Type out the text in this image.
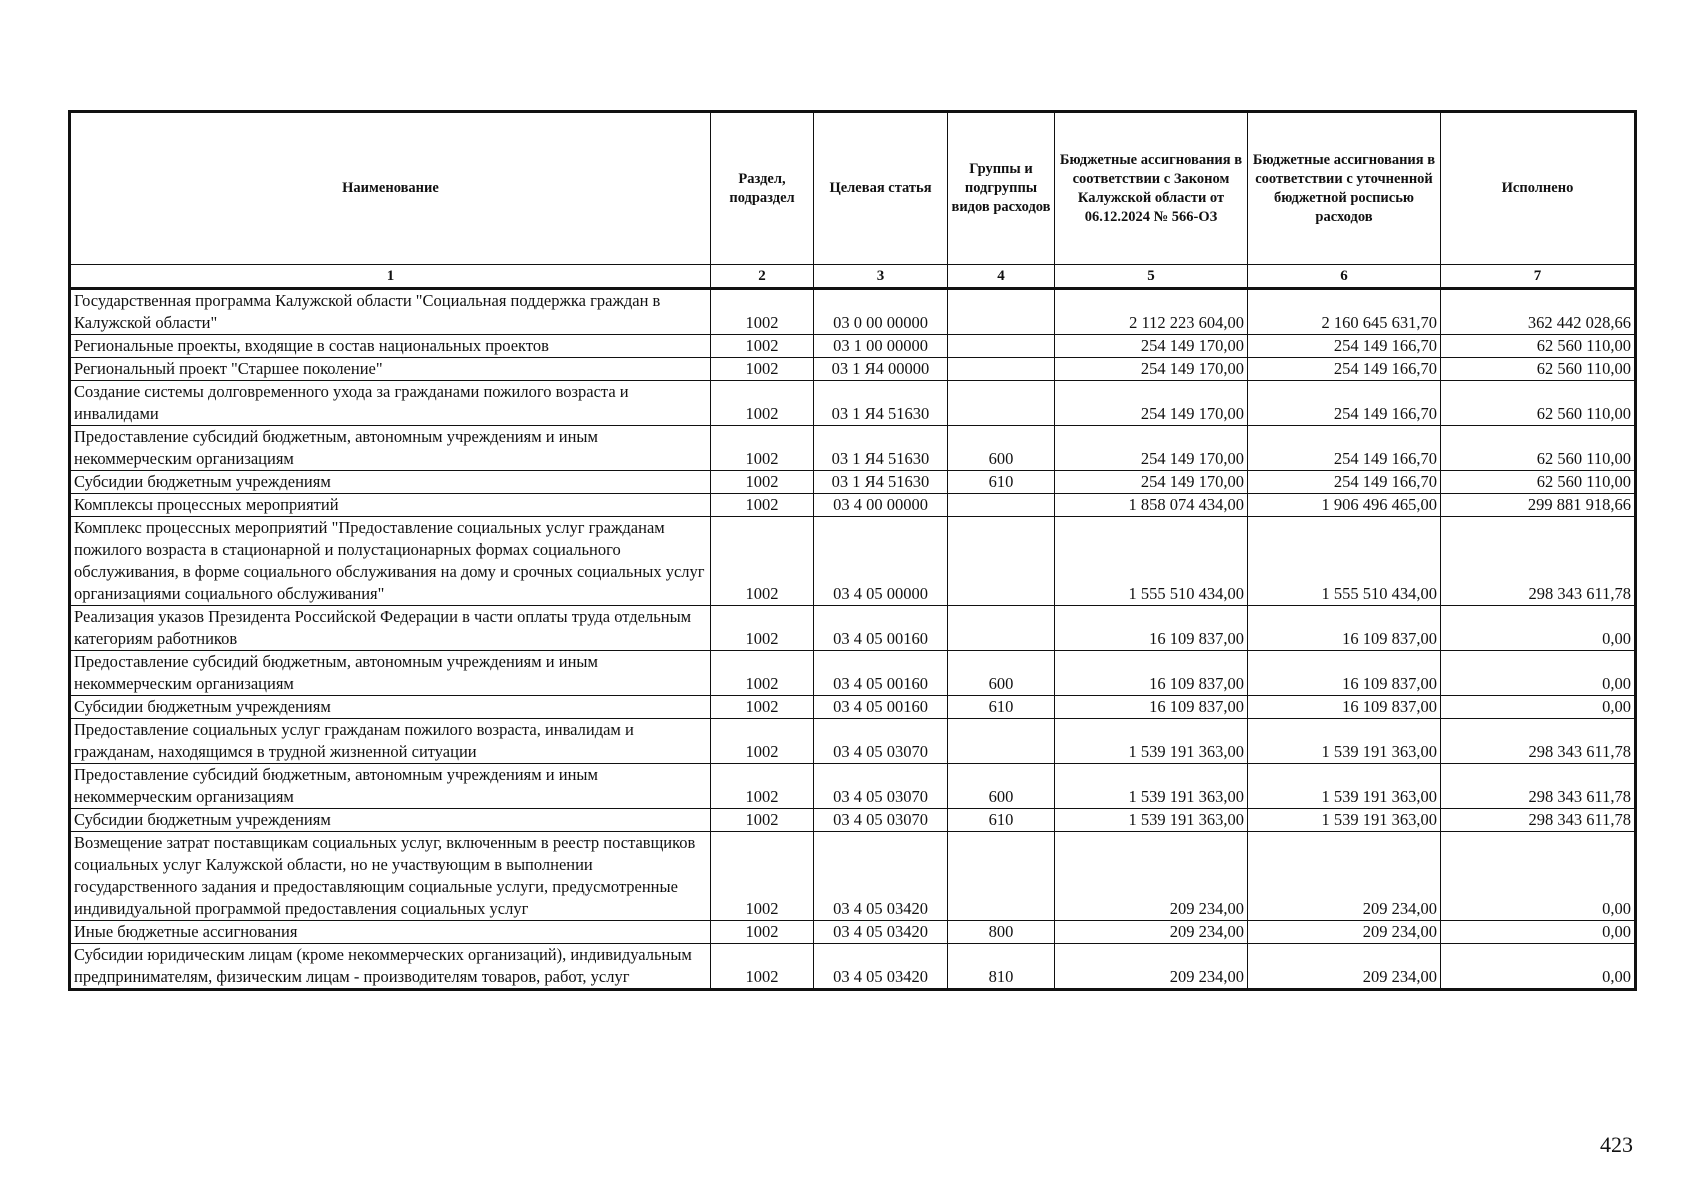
Наименование	Раздел, подраздел	Целевая статья	Группы и подгруппы видов расходов	Бюджетные ассигнования в соответствии с Законом Калужской области от 06.12.2024 № 566-ОЗ	Бюджетные ассигнования в соответствии с уточненной бюджетной росписью расходов	Исполнено
1	2	3	4	5	6	7
Государственная программа Калужской области "Социальная поддержка граждан в Калужской области"	1002	03 0 00 00000		2 112 223 604,00	2 160 645 631,70	362 442 028,66
Региональные проекты, входящие в состав национальных проектов	1002	03 1 00 00000		254 149 170,00	254 149 166,70	62 560 110,00
Региональный проект "Старшее поколение"	1002	03 1 Я4 00000		254 149 170,00	254 149 166,70	62 560 110,00
Создание системы долговременного ухода за гражданами пожилого возраста и инвалидами	1002	03 1 Я4 51630		254 149 170,00	254 149 166,70	62 560 110,00
Предоставление субсидий бюджетным, автономным учреждениям и иным некоммерческим организациям	1002	03 1 Я4 51630	600	254 149 170,00	254 149 166,70	62 560 110,00
Субсидии бюджетным учреждениям	1002	03 1 Я4 51630	610	254 149 170,00	254 149 166,70	62 560 110,00
Комплексы процессных мероприятий	1002	03 4 00 00000		1 858 074 434,00	1 906 496 465,00	299 881 918,66
Комплекс процессных мероприятий "Предоставление социальных услуг гражданам пожилого возраста в стационарной и полустационарных формах социального обслуживания, в форме социального обслуживания на дому и срочных социальных услуг организациями социального обслуживания"	1002	03 4 05 00000		1 555 510 434,00	1 555 510 434,00	298 343 611,78
Реализация указов Президента Российской Федерации в части оплаты труда отдельным категориям работников	1002	03 4 05 00160		16 109 837,00	16 109 837,00	0,00
Предоставление субсидий бюджетным, автономным учреждениям и иным некоммерческим организациям	1002	03 4 05 00160	600	16 109 837,00	16 109 837,00	0,00
Субсидии бюджетным учреждениям	1002	03 4 05 00160	610	16 109 837,00	16 109 837,00	0,00
Предоставление социальных услуг гражданам пожилого возраста, инвалидам и гражданам, находящимся в трудной жизненной ситуации	1002	03 4 05 03070		1 539 191 363,00	1 539 191 363,00	298 343 611,78
Предоставление субсидий бюджетным, автономным учреждениям и иным некоммерческим организациям	1002	03 4 05 03070	600	1 539 191 363,00	1 539 191 363,00	298 343 611,78
Субсидии бюджетным учреждениям	1002	03 4 05 03070	610	1 539 191 363,00	1 539 191 363,00	298 343 611,78
Возмещение затрат поставщикам социальных услуг, включенным в реестр поставщиков социальных услуг Калужской области, но не участвующим в выполнении государственного задания и предоставляющим социальные услуги, предусмотренные индивидуальной программой предоставления социальных услуг	1002	03 4 05 03420		209 234,00	209 234,00	0,00
Иные бюджетные ассигнования	1002	03 4 05 03420	800	209 234,00	209 234,00	0,00
Субсидии юридическим лицам (кроме некоммерческих организаций), индивидуальным предпринимателям, физическим лицам - производителям товаров, работ, услуг	1002	03 4 05 03420	810	209 234,00	209 234,00	0,00
423
